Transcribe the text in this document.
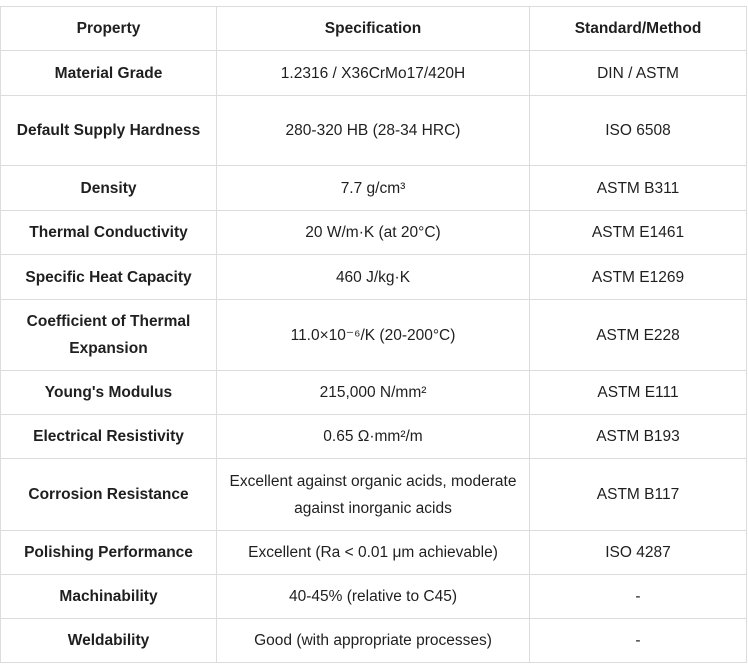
Property	Specification	Standard/Method
Material Grade	1.2316 / X36CrMo17/420H	DIN / ASTM
Default Supply Hardness	280-320 HB (28-34 HRC)	ISO 6508
Density	7.7 g/cm³	ASTM B311
Thermal Conductivity	20 W/m·K (at 20°C)	ASTM E1461
Specific Heat Capacity	460 J/kg·K	ASTM E1269
Coefficient of Thermal Expansion	11.0×10⁻⁶/K (20-200°C)	ASTM E228
Young's Modulus	215,000 N/mm²	ASTM E111
Electrical Resistivity	0.65 Ω·mm²/m	ASTM B193
Corrosion Resistance	Excellent against organic acids, moderate against inorganic acids	ASTM B117
Polishing Performance	Excellent (Ra < 0.01 μm achievable)	ISO 4287
Machinability	40-45% (relative to C45)	-
Weldability	Good (with appropriate processes)	-
